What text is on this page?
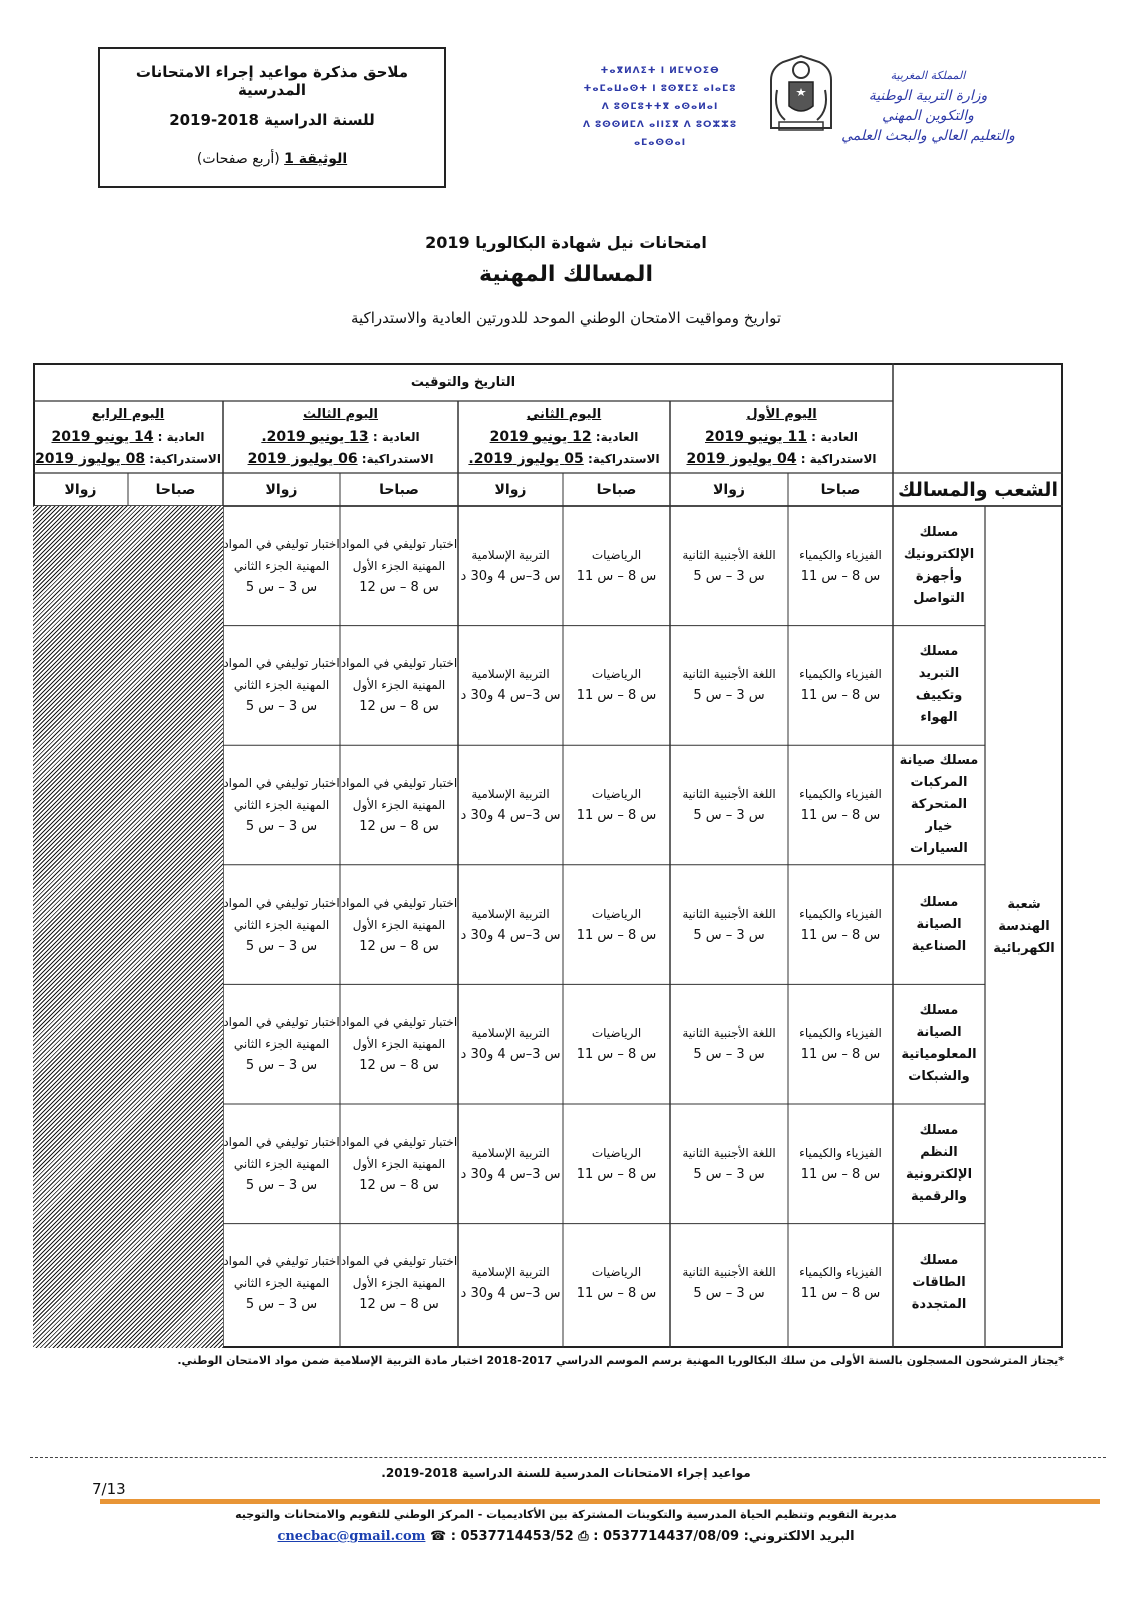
ملاحق مذكرة مواعيد إجراء الامتحانات المدرسية
للسنة الدراسية 2018-2019
الوثيقة 1 (أربع صفحات)
ⵜⴰⴳⵍⴷⵉⵜ ⵏ ⵍⵎⵖⵔⵉⴱ
ⵜⴰⵎⴰⵡⴰⵙⵜ ⵏ ⵓⵙⴳⵎⵉ ⴰⵏⴰⵎⵓ
ⴷ ⵓⵙⵎⵓⵜⵜⴳ ⴰⵙⴰⵍⴰⵏ
ⴷ ⵓⵙⵙⵍⵎⴷ ⴰⵏⵏⵉⴳ ⴷ ⵓⵔⵣⵣⵓ ⴰⵎⴰⵙⵙⴰⵏ
المملكة المغربية
وزارة التربية الوطنية
والتكوين المهني
والتعليم العالي والبحث العلمي
امتحانات نيل شهادة البكالوريا 2019
المسالك المهنية
تواريخ ومواقيت الامتحان الوطني الموحد للدورتين العادية والاستدراكية
التاريخ والتوقيت
اليوم الأول
العادية : 11 يونيو 2019
الاستدراكية : 04 يوليوز 2019
صباحا
زوالا
اليوم الثاني
العادية: 12 يونيو 2019
الاستدراكية: 05 يوليوز 2019.
صباحا
زوالا
اليوم الثالث
العادية : 13 يونيو 2019.
الاستدراكية: 06 يوليوز 2019
صباحا
زوالا
اليوم الرابع
العادية : 14 يونيو 2019
الاستدراكية: 08 يوليوز 2019
صباحا
زوالا	الشعب والمسالك
الفيزياء والكيمياء
س 8 – س 11
اللغة الأجنبية الثانية
س 3 – س 5
الرياضيات
س 8 – س 11
التربية الإسلامية
س 3–س 4 و30 د
اختبار توليفي في المواد المهنية الجزء الأول
س 8 – س 12
اختبار توليفي في المواد المهنية الجزء الثاني
س 3 – س 5
مسلك الإلكترونيك وأجهزة التواصل
الفيزياء والكيمياء
س 8 – س 11
اللغة الأجنبية الثانية
س 3 – س 5
الرياضيات
س 8 – س 11
التربية الإسلامية
س 3–س 4 و30 د
اختبار توليفي في المواد المهنية الجزء الأول
س 8 – س 12
اختبار توليفي في المواد المهنية الجزء الثاني
س 3 – س 5
مسلك التبريد وتكييف الهواء
الفيزياء والكيمياء
س 8 – س 11
اللغة الأجنبية الثانية
س 3 – س 5
الرياضيات
س 8 – س 11
التربية الإسلامية
س 3–س 4 و30 د
اختبار توليفي في المواد المهنية الجزء الأول
س 8 – س 12
اختبار توليفي في المواد المهنية الجزء الثاني
س 3 – س 5
مسلك صيانة المركبات المتحركة خيار السيارات
الفيزياء والكيمياء
س 8 – س 11
اللغة الأجنبية الثانية
س 3 – س 5
الرياضيات
س 8 – س 11
التربية الإسلامية
س 3–س 4 و30 د
اختبار توليفي في المواد المهنية الجزء الأول
س 8 – س 12
اختبار توليفي في المواد المهنية الجزء الثاني
س 3 – س 5
مسلك الصيانة الصناعية
الفيزياء والكيمياء
س 8 – س 11
اللغة الأجنبية الثانية
س 3 – س 5
الرياضيات
س 8 – س 11
التربية الإسلامية
س 3–س 4 و30 د
اختبار توليفي في المواد المهنية الجزء الأول
س 8 – س 12
اختبار توليفي في المواد المهنية الجزء الثاني
س 3 – س 5
مسلك الصيانة المعلومياتية والشبكات
الفيزياء والكيمياء
س 8 – س 11
اللغة الأجنبية الثانية
س 3 – س 5
الرياضيات
س 8 – س 11
التربية الإسلامية
س 3–س 4 و30 د
اختبار توليفي في المواد المهنية الجزء الأول
س 8 – س 12
اختبار توليفي في المواد المهنية الجزء الثاني
س 3 – س 5
مسلك النظم الإلكترونية والرقمية
الفيزياء والكيمياء
س 8 – س 11
اللغة الأجنبية الثانية
س 3 – س 5
الرياضيات
س 8 – س 11
التربية الإسلامية
س 3–س 4 و30 د
اختبار توليفي في المواد المهنية الجزء الأول
س 8 – س 12
اختبار توليفي في المواد المهنية الجزء الثاني
س 3 – س 5
مسلك الطاقات المتجددة
شعبة الهندسة الكهربائية
*يجتاز المترشحون المسجلون بالسنة الأولى من سلك البكالوريا المهنية برسم الموسم الدراسي 2017-2018 اختبار مادة التربية الإسلامية ضمن مواد الامتحان الوطني.
مواعيد إجراء الامتحانات المدرسية للسنة الدراسية 2018-2019.
7/13
مديرية التقويم وتنظيم الحياة المدرسية والتكوينات المشتركة بين الأكاديميات - المركز الوطني للتقويم والامتحانات والتوجيه
البريد الالكتروني: cnecbac@gmail.com ☎ : 0537714453/52 ⎙ : 0537714437/08/09
